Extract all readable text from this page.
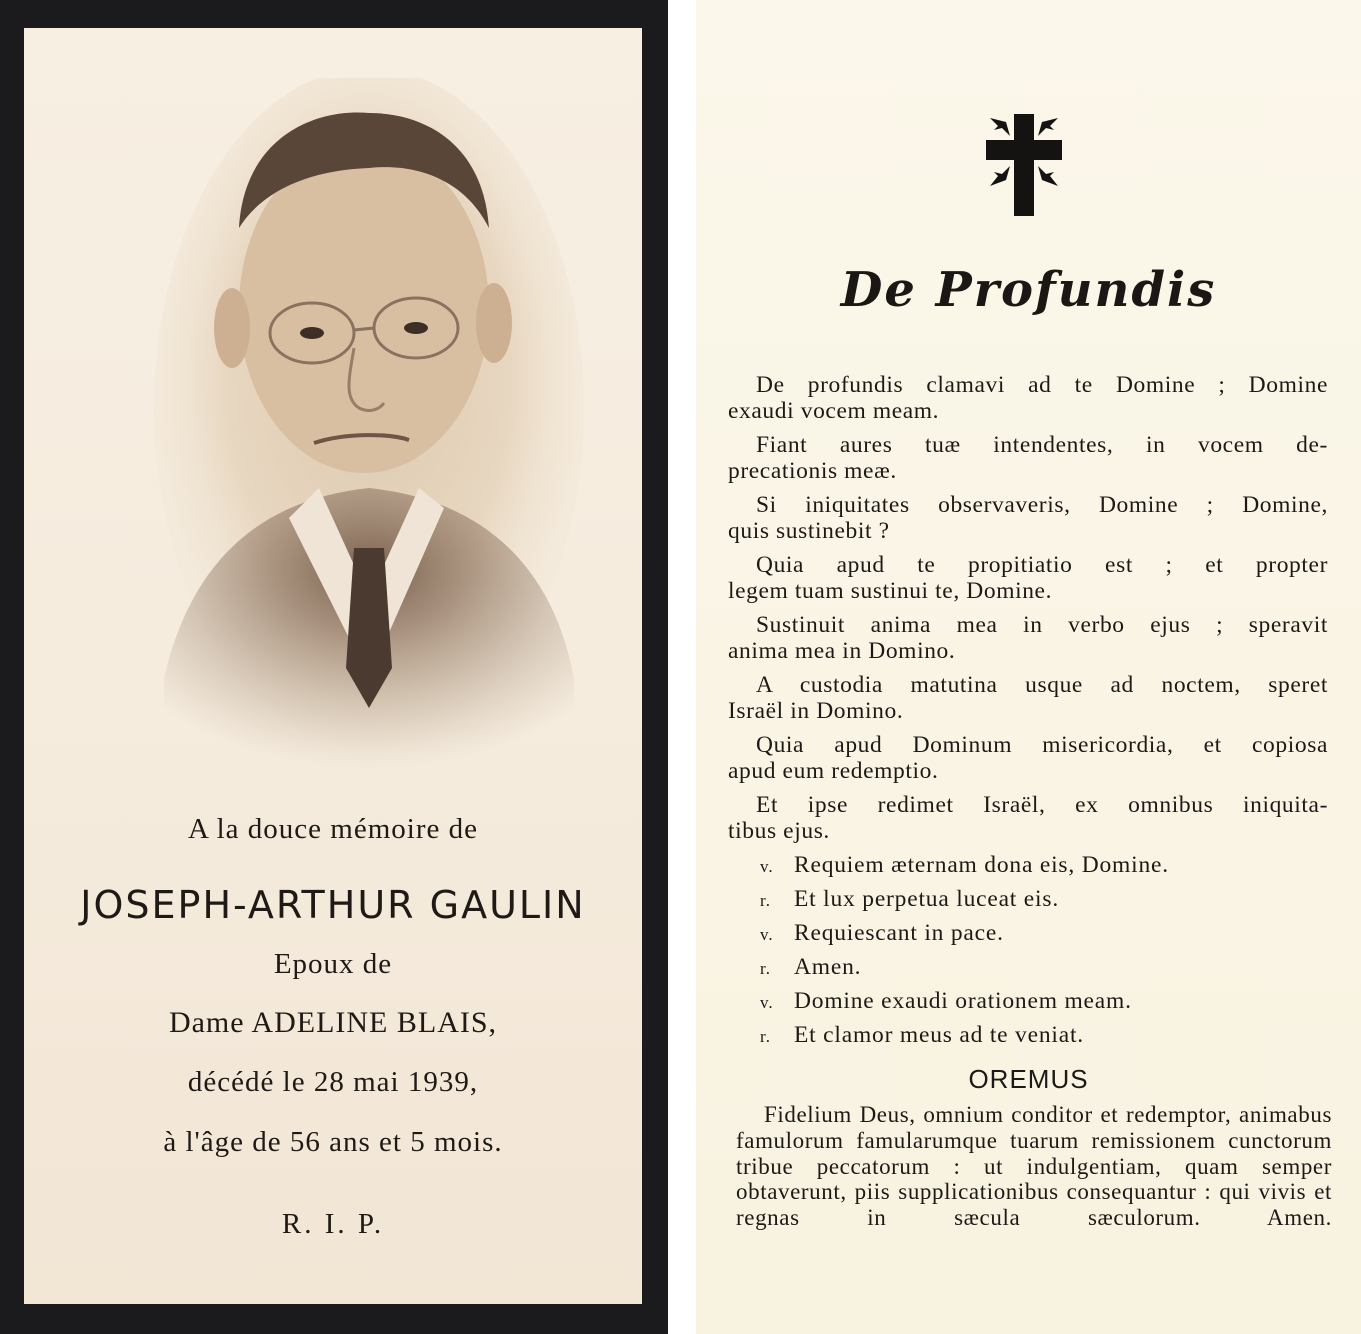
A la douce mémoire de
JOSEPH-ARTHUR GAULIN
Epoux de
Dame ADELINE BLAIS,
décédé le 28 mai 1939,
à l'âge de 56 ans et 5 mois.
R. I. P.
De Profundis
De profundis clamavi ad te Domine ; Domine
exaudi vocem meam.
Fiant aures tuæ intendentes, in vocem de-
precationis meæ.
Si iniquitates observaveris, Domine ; Domine,
quis sustinebit ?
Quia apud te propitiatio est ; et propter
legem tuam sustinui te, Domine.
Sustinuit anima mea in verbo ejus ; speravit
anima mea in Domino.
A custodia matutina usque ad noctem, speret
Israël in Domino.
Quia apud Dominum misericordia, et copiosa
apud eum redemptio.
Et ipse redimet Israël, ex omnibus iniquita-
tibus ejus.
v. Requiem æternam dona eis, Domine.
r. Et lux perpetua luceat eis.
v. Requiescant in pace.
r. Amen.
v. Domine exaudi orationem meam.
r. Et clamor meus ad te veniat.
OREMUS
Fidelium Deus, omnium conditor et redemptor, animabus famulorum famularumque tuarum remissionem cunctorum tribue peccatorum : ut indulgentiam, quam semper obtaverunt, piis supplicationibus consequantur : qui vivis et regnas in sæcula sæculorum. Amen.
